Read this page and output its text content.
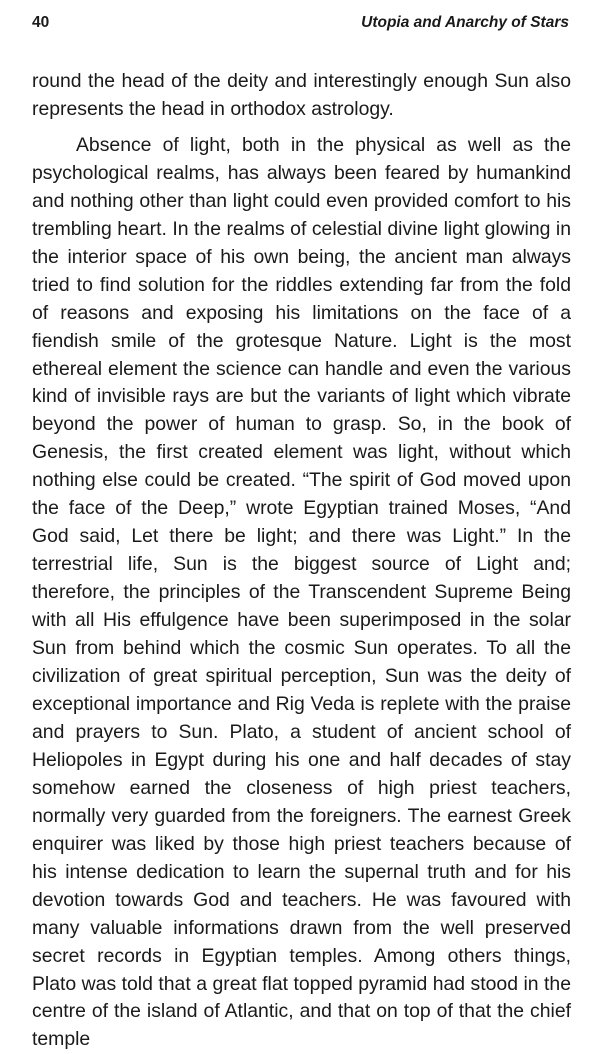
40	Utopia and Anarchy of Stars

round the head of the deity and interestingly enough Sun also represents the head in orthodox astrology.

Absence of light, both in the physical as well as the psychological realms, has always been feared by humankind and nothing other than light could even provided comfort to his trembling heart. In the realms of celestial divine light glowing in the interior space of his own being, the ancient man always tried to find solution for the riddles extending far from the fold of reasons and exposing his limitations on the face of a fiendish smile of the grotesque Nature. Light is the most ethereal element the science can handle and even the various kind of invisible rays are but the variants of light which vibrate beyond the power of human to grasp. So, in the book of Genesis, the first created element was light, without which nothing else could be created. “The spirit of God moved upon the face of the Deep,” wrote Egyptian trained Moses, “And God said, Let there be light; and there was Light.” In the terrestrial life, Sun is the biggest source of Light and; therefore, the principles of the Transcendent Supreme Being with all His effulgence have been superimposed in the solar Sun from behind which the cosmic Sun operates. To all the civilization of great spiritual perception, Sun was the deity of exceptional importance and Rig Veda is replete with the praise and prayers to Sun. Plato, a student of ancient school of Heliopoles in Egypt during his one and half decades of stay somehow earned the closeness of high priest teachers, normally very guarded from the foreigners. The earnest Greek enquirer was liked by those high priest teachers because of his intense dedication to learn the supernal truth and for his devotion towards God and teachers. He was favoured with many valuable informations drawn from the well preserved secret records in Egyptian temples. Among others things, Plato was told that a great flat topped pyramid had stood in the centre of the island of Atlantic, and that on top of that the chief temple
